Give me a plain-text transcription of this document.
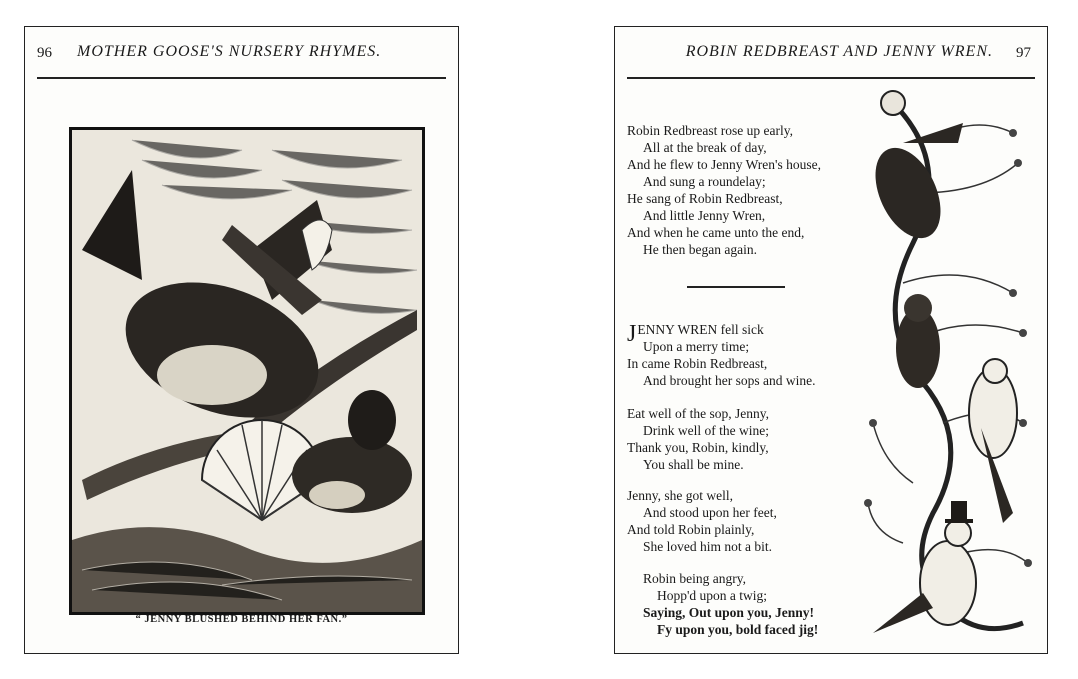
96 MOTHER GOOSE'S NURSERY RHYMES.
“ JENNY BLUSHED BEHIND HER FAN.”
ROBIN REDBREAST AND JENNY WREN. 97
Robin Redbreast rose up early,
All at the break of day,
And he flew to Jenny Wren's house,
And sung a roundelay;
He sang of Robin Redbreast,
And little Jenny Wren,
And when he came unto the end,
He then began again.
JENNY WREN fell sick
Upon a merry time;
In came Robin Redbreast,
And brought her sops and wine.
Eat well of the sop, Jenny,
Drink well of the wine;
Thank you, Robin, kindly,
You shall be mine.
Jenny, she got well,
And stood upon her feet,
And told Robin plainly,
She loved him not a bit.
Robin being angry,
Hopp'd upon a twig;
Saying, Out upon you, Jenny!
Fy upon you, bold faced jig!
